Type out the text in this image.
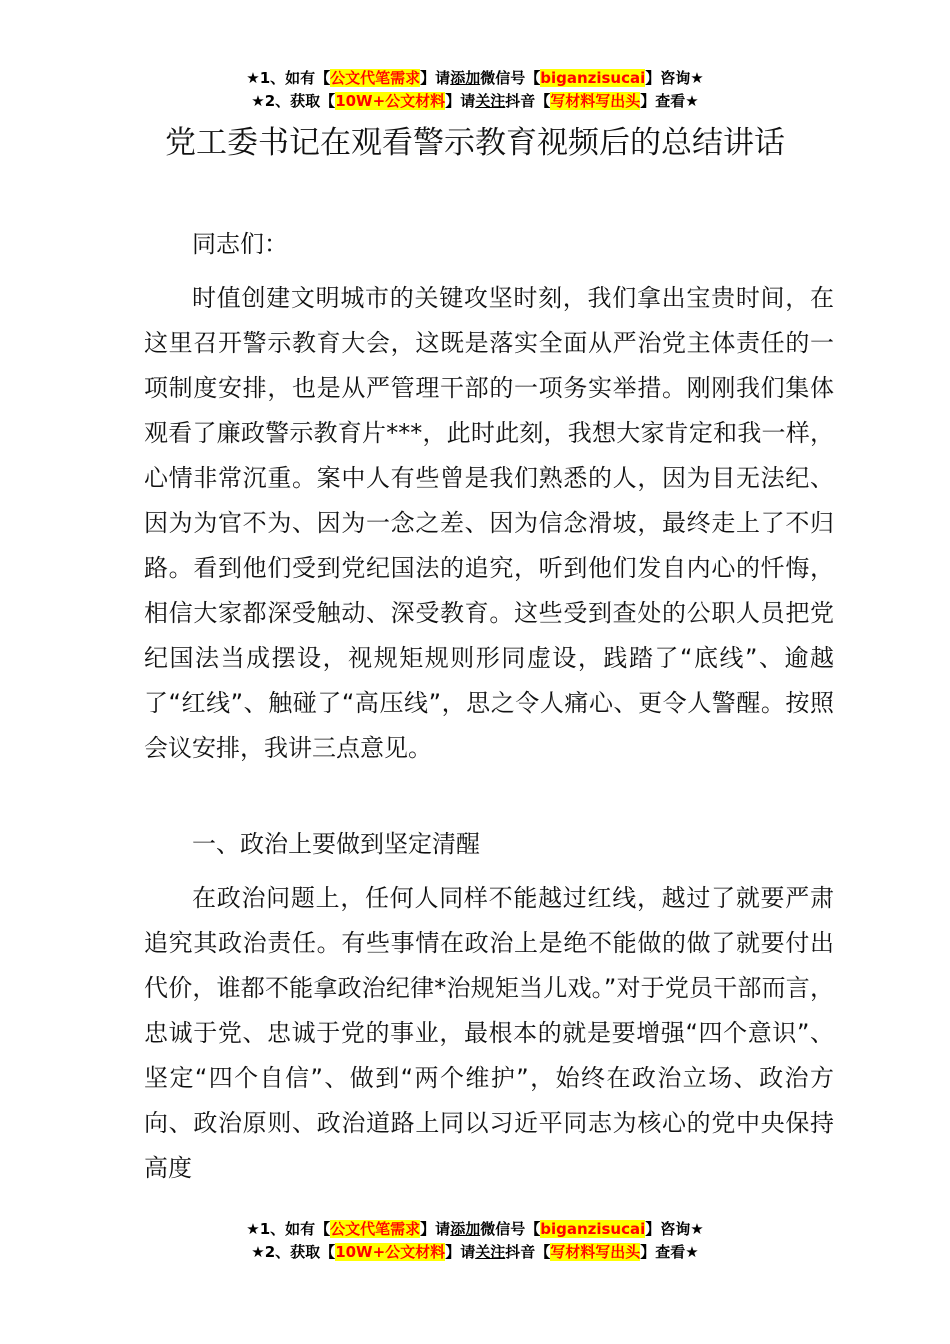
★1、如有【公文代笔需求】请添加微信号【biganzisucai】咨询★
★2、获取【10W+公文材料】请关注抖音【写材料写出头】查看★
党工委书记在观看警示教育视频后的总结讲话

同志们：

时值创建文明城市的关键攻坚时刻，我们拿出宝贵时间，在这里召开警示教育大会，这既是落实全面从严治党主体责任的一项制度安排，也是从严管理干部的一项务实举措。刚刚我们集体观看了廉政警示教育片***，此时此刻，我想大家肯定和我一样，心情非常沉重。案中人有些曾是我们熟悉的人，因为目无法纪、因为为官不为、因为一念之差、因为信念滑坡，最终走上了不归路。看到他们受到党纪国法的追究，听到他们发自内心的忏悔，相信大家都深受触动、深受教育。这些受到查处的公职人员把党纪国法当成摆设，视规矩规则形同虚设，践踏了“底线”、逾越了“红线”、触碰了“高压线”，思之令人痛心、更令人警醒。按照会议安排，我讲三点意见。

一、政治上要做到坚定清醒

在政治问题上，任何人同样不能越过红线，越过了就要严肃追究其政治责任。有些事情在政治上是绝不能做的做了就要付出代价，谁都不能拿政治纪律*治规矩当儿戏。”对于党员干部而言，忠诚于党、忠诚于党的事业，最根本的就是要增强“四个意识”、坚定“四个自信”、做到“两个维护”，始终在政治立场、政治方向、政治原则、政治道路上同以习近平同志为核心的党中央保持高度

★1、如有【公文代笔需求】请添加微信号【biganzisucai】咨询★
★2、获取【10W+公文材料】请关注抖音【写材料写出头】查看★
